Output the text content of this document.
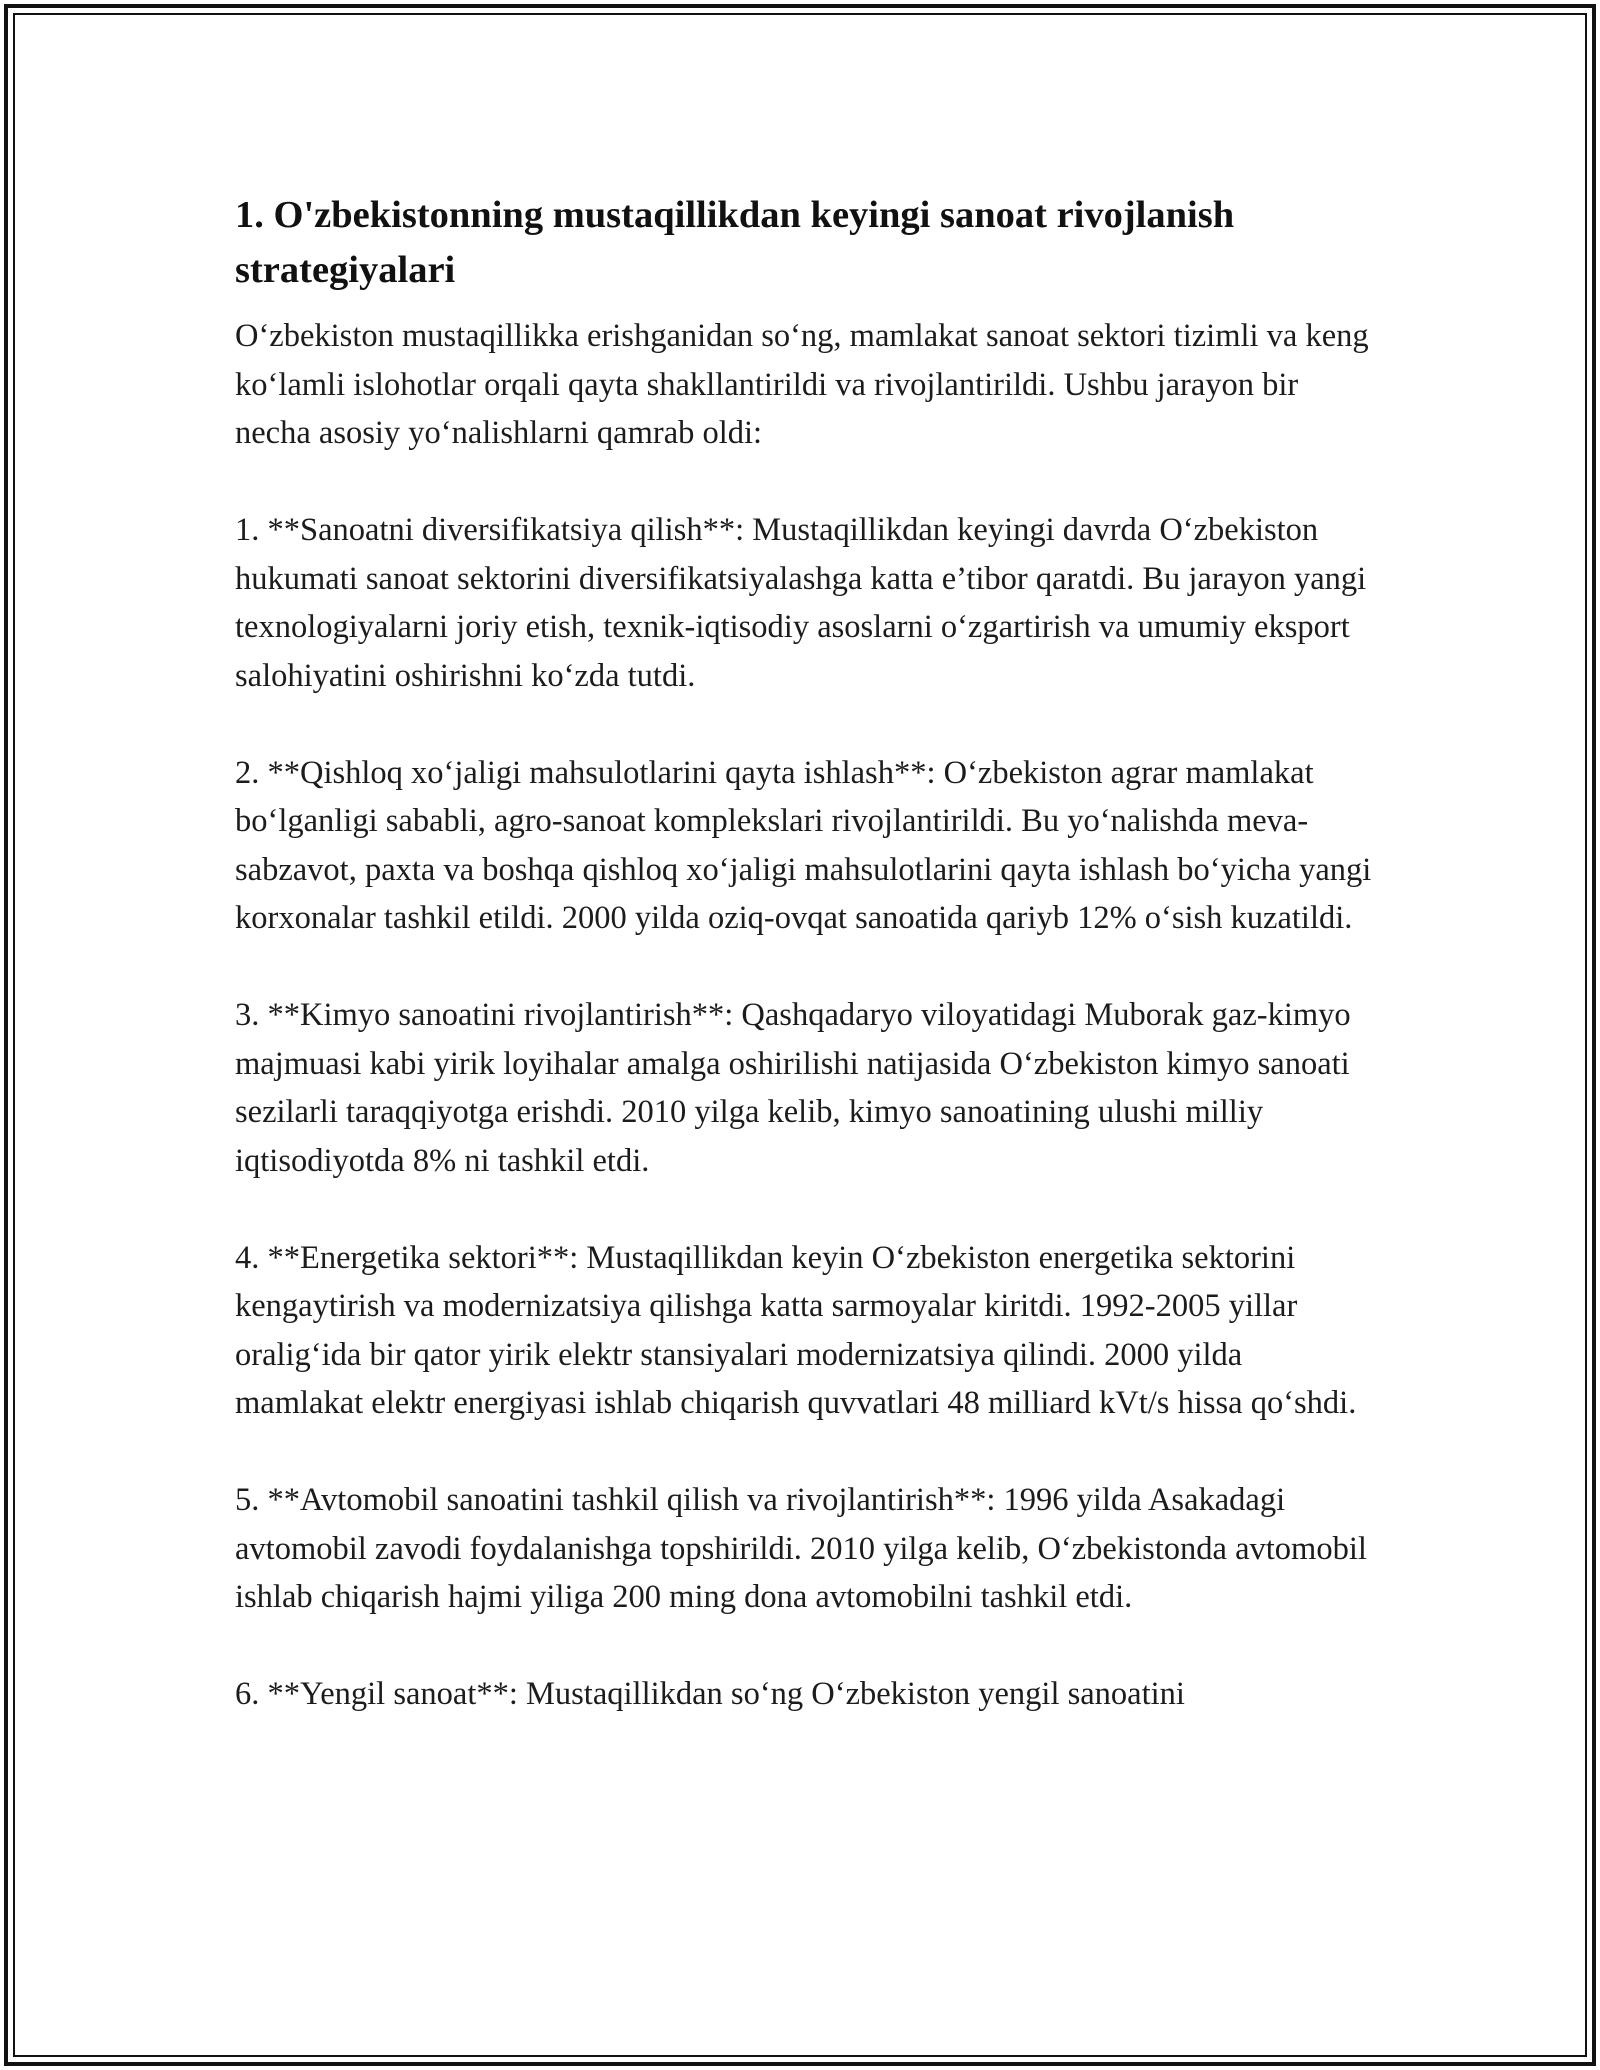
1. O'zbekistonning mustaqillikdan keyingi sanoat rivojlanish strategiyalari

O‘zbekiston mustaqillikka erishganidan so‘ng, mamlakat sanoat sektori tizimli va keng ko‘lamli islohotlar orqali qayta shakllantirildi va rivojlantirildi. Ushbu jarayon bir necha asosiy yo‘nalishlarni qamrab oldi:

1. **Sanoatni diversifikatsiya qilish**: Mustaqillikdan keyingi davrda O‘zbekiston hukumati sanoat sektorini diversifikatsiyalashga katta e’tibor qaratdi. Bu jarayon yangi texnologiyalarni joriy etish, texnik-iqtisodiy asoslarni o‘zgartirish va umumiy eksport salohiyatini oshirishni ko‘zda tutdi.

2. **Qishloq xo‘jaligi mahsulotlarini qayta ishlash**: O‘zbekiston agrar mamlakat bo‘lganligi sababli, agro-sanoat komplekslari rivojlantirildi. Bu yo‘nalishda meva-sabzavot, paxta va boshqa qishloq xo‘jaligi mahsulotlarini qayta ishlash bo‘yicha yangi korxonalar tashkil etildi. 2000 yilda oziq-ovqat sanoatida qariyb 12% o‘sish kuzatildi.

3. **Kimyo sanoatini rivojlantirish**: Qashqadaryo viloyatidagi Muborak gaz-kimyo majmuasi kabi yirik loyihalar amalga oshirilishi natijasida O‘zbekiston kimyo sanoati sezilarli taraqqiyotga erishdi. 2010 yilga kelib, kimyo sanoatining ulushi milliy iqtisodiyotda 8% ni tashkil etdi.

4. **Energetika sektori**: Mustaqillikdan keyin O‘zbekiston energetika sektorini kengaytirish va modernizatsiya qilishga katta sarmoyalar kiritdi. 1992-2005 yillar oralig‘ida bir qator yirik elektr stansiyalari modernizatsiya qilindi. 2000 yilda mamlakat elektr energiyasi ishlab chiqarish quvvatlari 48 milliard kVt/s hissa qo‘shdi.

5. **Avtomobil sanoatini tashkil qilish va rivojlantirish**: 1996 yilda Asakadagi avtomobil zavodi foydalanishga topshirildi. 2010 yilga kelib, O‘zbekistonda avtomobil ishlab chiqarish hajmi yiliga 200 ming dona avtomobilni tashkil etdi.

6. **Yengil sanoat**: Mustaqillikdan so‘ng O‘zbekiston yengil sanoatini
